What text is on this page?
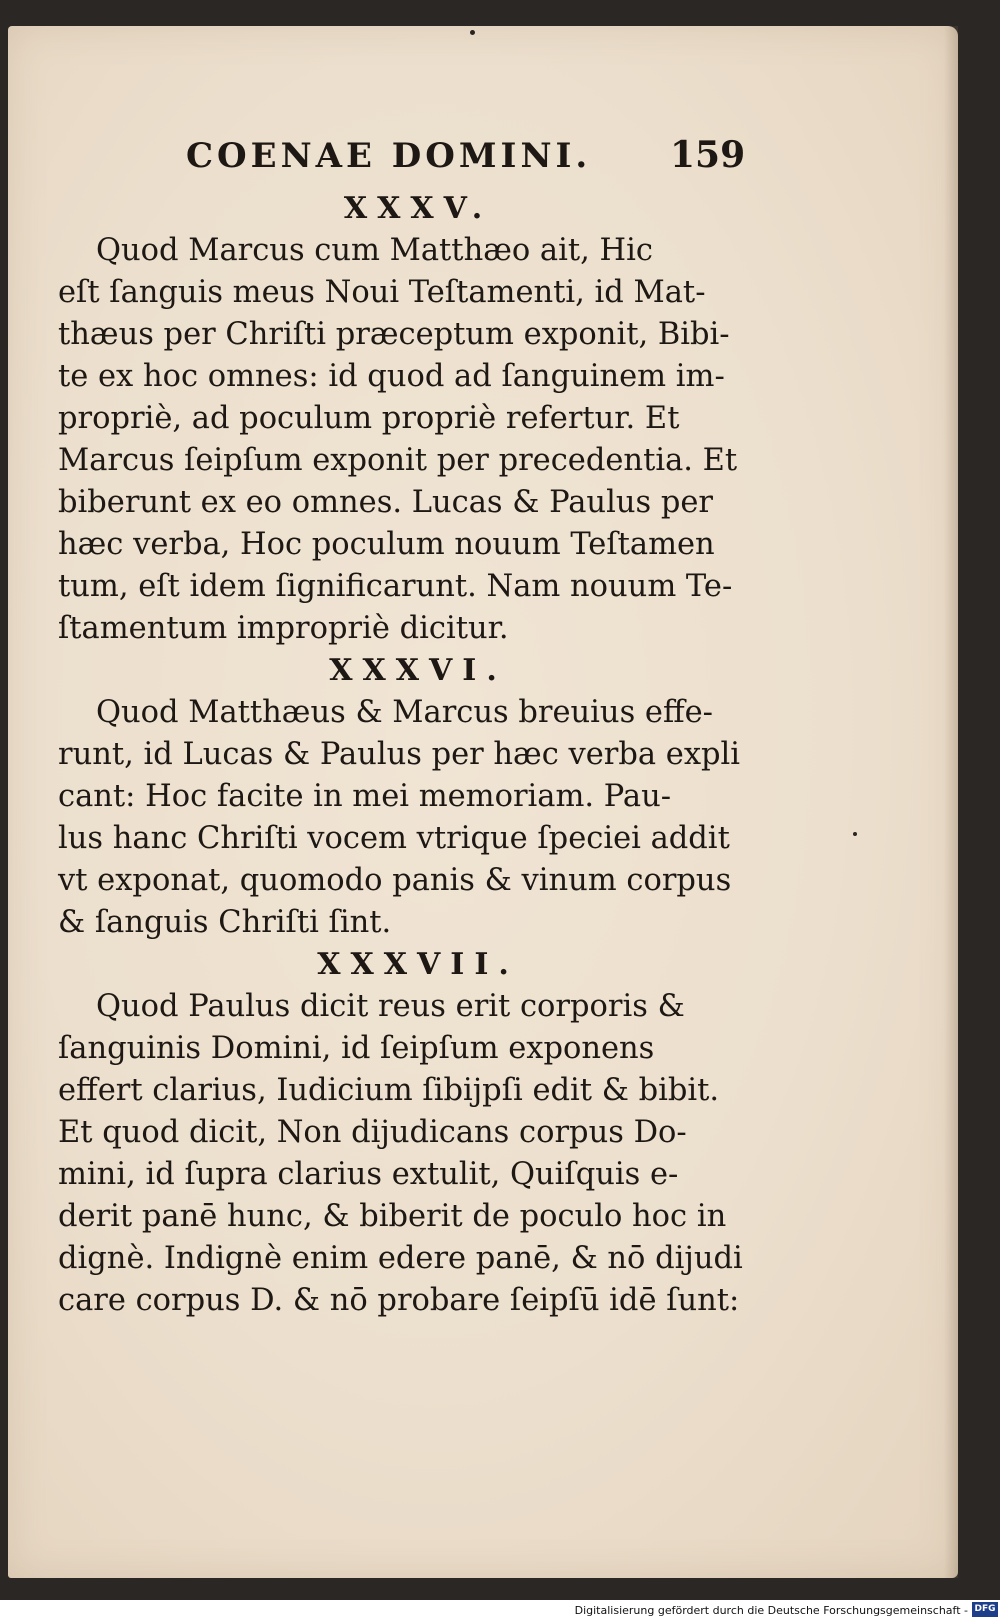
COENAE DOMINI. 159
XXXV.
Quod Marcus cum Matthæo ait, Hic
eſt ſanguis meus Noui Teſtamenti, id Mat-
thæus per Chriſti præceptum exponit, Bibi-
te ex hoc omnes: id quod ad ſanguinem im-
propriè, ad poculum propriè refertur. Et
Marcus ſeipſum exponit per precedentia. Et
biberunt ex eo omnes. Lucas & Paulus per
hæc verba, Hoc poculum nouum Teſtamen
tum, eſt idem ſignificarunt. Nam nouum Te-
ſtamentum impropriè dicitur.
XXXVI.
Quod Matthæus & Marcus breuius effe-
runt, id Lucas & Paulus per hæc verba expli
cant: Hoc facite in mei memoriam. Pau-
lus hanc Chriſti vocem vtrique ſpeciei addit
vt exponat, quomodo panis & vinum corpus
& ſanguis Chriſti ſint.
XXXVII.
Quod Paulus dicit reus erit corporis &
ſanguinis Domini, id ſeipſum exponens
effert clarius, Iudicium ſibijpſi edit & bibit.
Et quod dicit, Non dijudicans corpus Do-
mini, id ſupra clarius extulit, Quiſquis e-
derit panē hunc, & biberit de poculo hoc in
dignè. Indignè enim edere panē, & nō dijudi
care corpus D. & nō probare ſeipſū idē ſunt:
Digitalisierung gefördert durch die Deutsche Forschungsgemeinschaft - DFG
